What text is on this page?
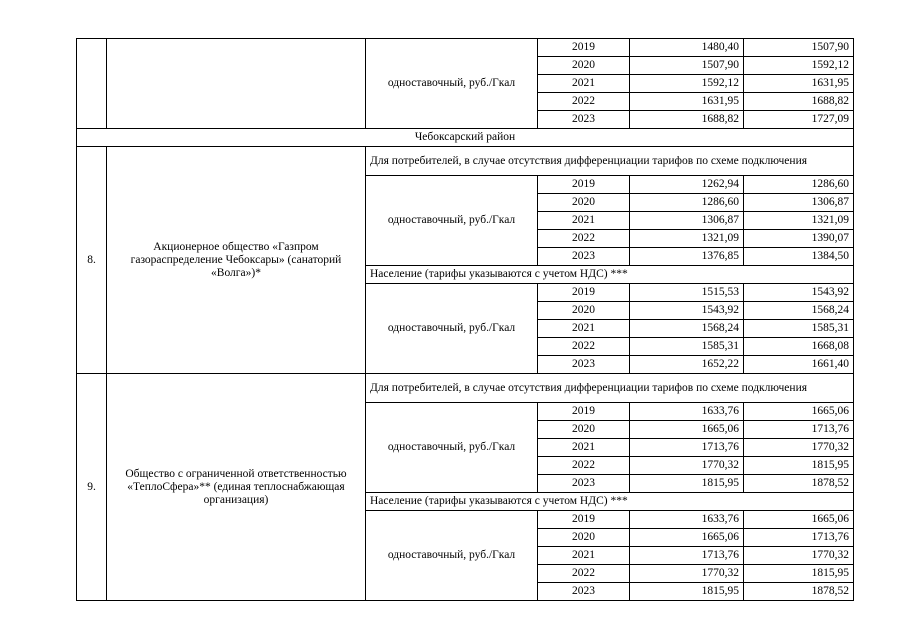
		одноставочный, руб./Гкал	2019	1480,40	1507,90
			2020	1507,90	1592,12
			2021	1592,12	1631,95
			2022	1631,95	1688,82
			2023	1688,82	1727,09
Чебоксарский район					
8.	Акционерное общество «Газпром газораспределение Чебоксары» (санаторий «Волга»)*	Для потребителей, в случае отсутствия дифференциации тарифов по схеме подключения			
		одноставочный, руб./Гкал	2019	1262,94	1286,60
			2020	1286,60	1306,87
			2021	1306,87	1321,09
			2022	1321,09	1390,07
			2023	1376,85	1384,50
		Население (тарифы указываются с учетом НДС) ***			
		одноставочный, руб./Гкал	2019	1515,53	1543,92
			2020	1543,92	1568,24
			2021	1568,24	1585,31
			2022	1585,31	1668,08
			2023	1652,22	1661,40
9.	Общество с ограниченной ответственностью «ТеплоСфера»** (единая теплоснабжающая организация)	Для потребителей, в случае отсутствия дифференциации тарифов по схеме подключения			
		одноставочный, руб./Гкал	2019	1633,76	1665,06
			2020	1665,06	1713,76
			2021	1713,76	1770,32
			2022	1770,32	1815,95
			2023	1815,95	1878,52
		Население (тарифы указываются с учетом НДС) ***			
		одноставочный, руб./Гкал	2019	1633,76	1665,06
			2020	1665,06	1713,76
			2021	1713,76	1770,32
			2022	1770,32	1815,95
			2023	1815,95	1878,52
